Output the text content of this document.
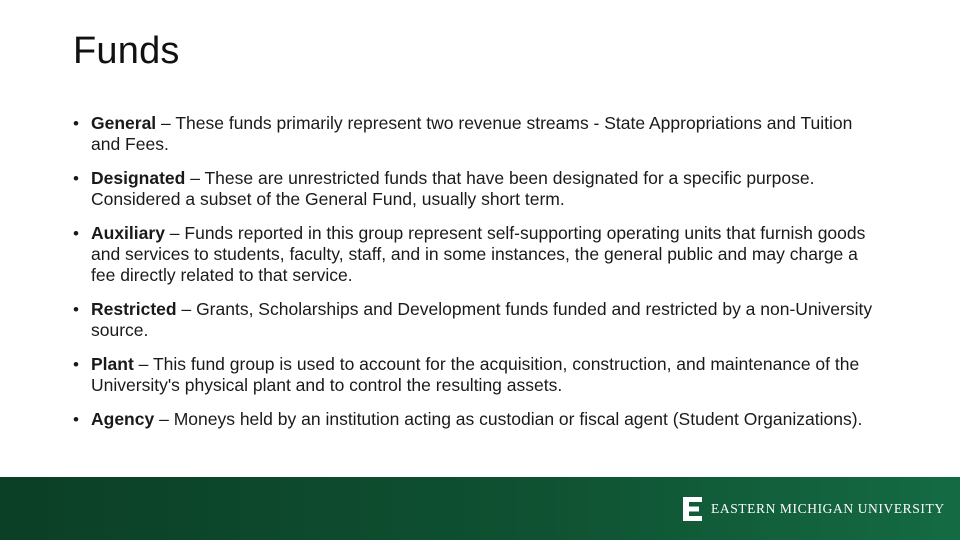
Funds
• General – These funds primarily represent two revenue streams - State Appropriations and Tuition and Fees.
• Designated – These are unrestricted funds that have been designated for a specific purpose. Considered a subset of the General Fund, usually short term.
• Auxiliary – Funds reported in this group represent self-supporting operating units that furnish goods and services to students, faculty, staff, and in some instances, the general public and may charge a fee directly related to that service.
• Restricted – Grants, Scholarships and Development funds funded and restricted by a non-University source.
• Plant – This fund group is used to account for the acquisition, construction, and maintenance of the University's physical plant and to control the resulting assets.
• Agency – Moneys held by an institution acting as custodian or fiscal agent (Student Organizations).
EASTERN MICHIGAN UNIVERSITY
